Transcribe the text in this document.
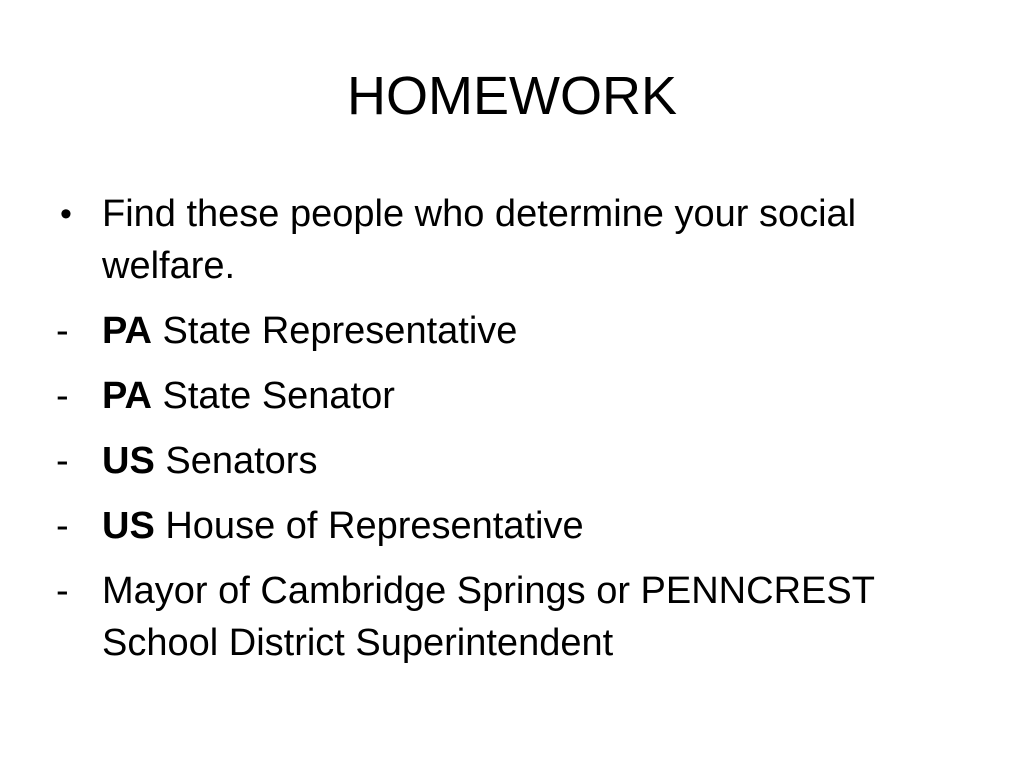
HOMEWORK
• Find these people who determine your social welfare.
- PA State Representative
- PA State Senator
- US Senators
- US House of Representative
- Mayor of Cambridge Springs or PENNCREST School District Superintendent
